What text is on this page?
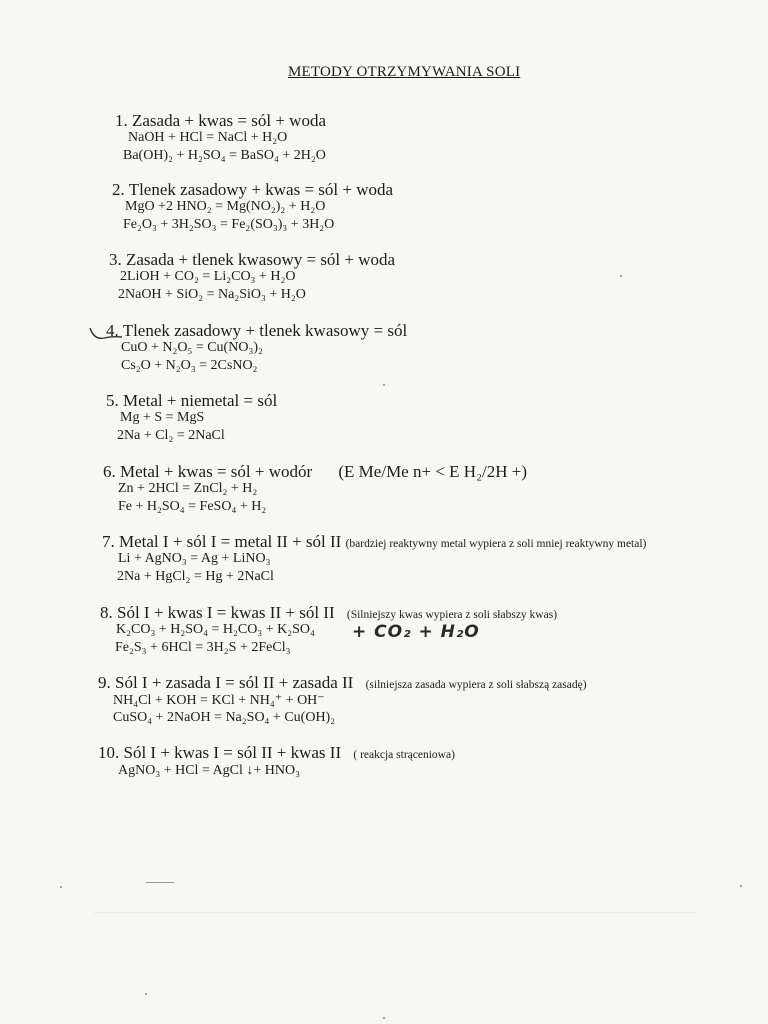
METODY OTRZYMYWANIA SOLI
1. Zasada + kwas = sól + woda
NaOH + HCl = NaCl + H₂O
Ba(OH)₂ + H₂SO₄ = BaSO₄ + 2H₂O
2. Tlenek zasadowy + kwas = sól + woda
MgO +2 HNO₂ = Mg(NO₂)₂ + H₂O
Fe₂O₃ + 3H₂SO₃ = Fe₂(SO₃)₃ + 3H₂O
3. Zasada + tlenek kwasowy = sól + woda
2LiOH + CO₂ = Li₂CO₃ + H₂O
2NaOH + SiO₂ = Na₂SiO₃ + H₂O
4. Tlenek zasadowy + tlenek kwasowy = sól
CuO + N₂O₅ = Cu(NO₃)₂
Cs₂O + N₂O₃ = 2CsNO₂
5. Metal + niemetal = sól
Mg + S = MgS
2Na + Cl₂ = 2NaCl
6. Metal + kwas = sól + wodór (E Me/Me n+ < E H₂/2H +)
Zn + 2HCl = ZnCl₂ + H₂
Fe + H₂SO₄ = FeSO₄ + H₂
7. Metal I + sól I = metal II + sól II (bardziej reaktywny metal wypiera z soli mniej reaktywny metal)
Li + AgNO₃ = Ag + LiNO₃
2Na + HgCl₂ = Hg + 2NaCl
8. Sól I + kwas I = kwas II + sól II (Silniejszy kwas wypiera z soli słabszy kwas)
K₂CO₃ + H₂SO₄ = H₂CO₃ + K₂SO₄ + CO₂ + H₂O
Fe₂S₃ + 6HCl = 3H₂S + 2FeCl₃
9. Sól I + zasada I = sól II + zasada II (silniejsza zasada wypiera z soli słabszą zasadę)
NH₄Cl + KOH = KCl + NH₄⁺ + OH⁻
CuSO₄ + 2NaOH = Na₂SO₄ + Cu(OH)₂
10. Sól I + kwas I = sól II + kwas II ( reakcja strąceniowa)
AgNO₃ + HCl = AgCl ↓+ HNO₃
